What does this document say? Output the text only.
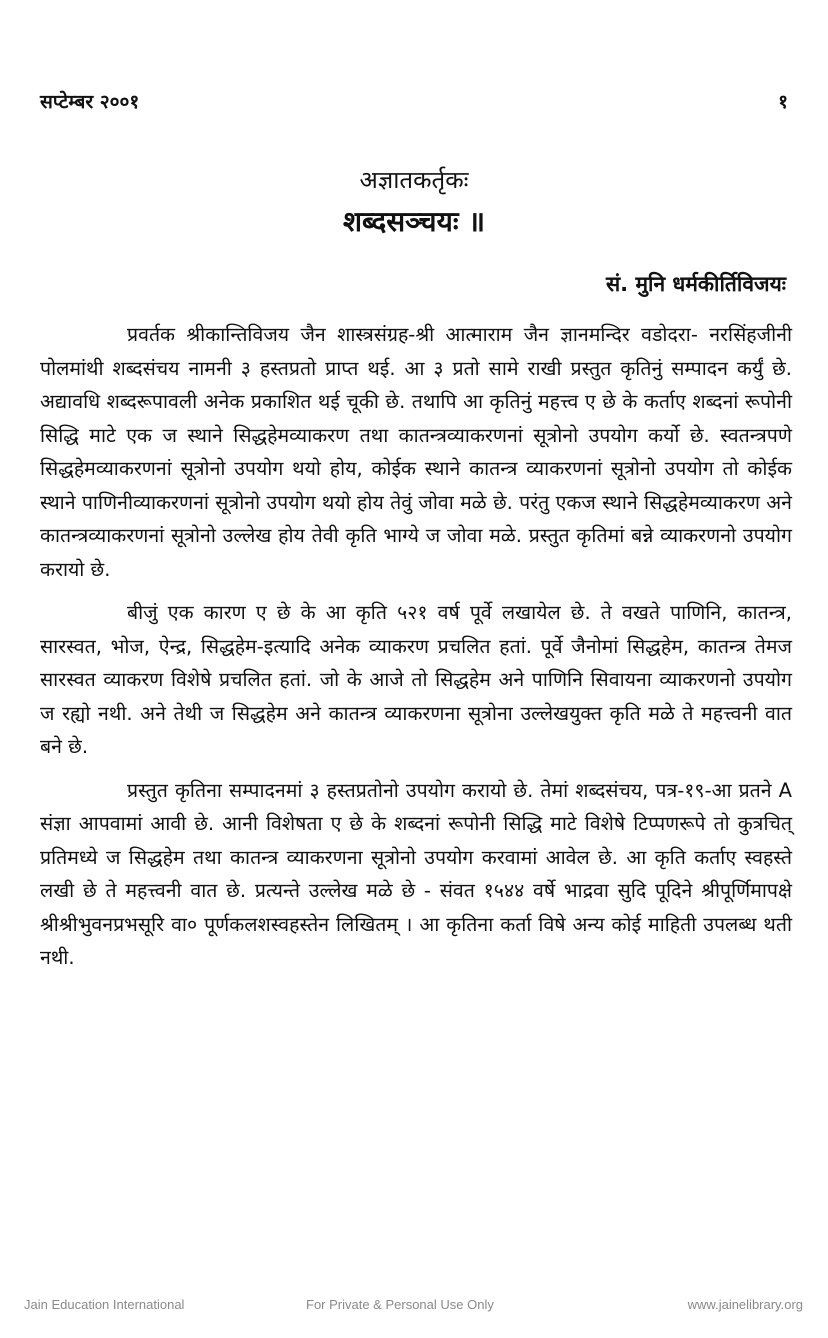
सप्टेम्बर २००१	१
अज्ञातकर्तृकः
शब्दसञ्चयः ॥
सं. मुनि धर्मकीर्तिविजयः

प्रवर्तक श्रीकान्तिविजय जैन शास्त्रसंग्रह-श्री आत्माराम जैन ज्ञानमन्दिर वडोदरा- नरसिंहजीनी पोलमांथी शब्दसंचय नामनी ३ हस्तप्रतो प्राप्त थई. आ ३ प्रतो सामे राखी प्रस्तुत कृतिनुं सम्पादन कर्युं छे. अद्यावधि शब्दरूपावली अनेक प्रकाशित थई चूकी छे. तथापि आ कृतिनुं महत्त्व ए छे के कर्ताए शब्दनां रूपोनी सिद्धि माटे एक ज स्थाने सिद्धहेमव्याकरण तथा कातन्त्रव्याकरणनां सूत्रोनो उपयोग कर्यो छे. स्वतन्त्रपणे सिद्धहेमव्याकरणनां सूत्रोनो उपयोग थयो होय, कोईक स्थाने कातन्त्र व्याकरणनां सूत्रोनो उपयोग तो कोईक स्थाने पाणिनीव्याकरणनां सूत्रोनो उपयोग थयो होय तेवुं जोवा मळे छे. परंतु एकज स्थाने सिद्धहेमव्याकरण अने कातन्त्रव्याकरणनां सूत्रोनो उल्लेख होय तेवी कृति भाग्ये ज जोवा मळे. प्रस्तुत कृतिमां बन्ने व्याकरणनो उपयोग करायो छे.

बीजुं एक कारण ए छे के आ कृति ५२१ वर्ष पूर्वे लखायेल छे. ते वखते पाणिनि, कातन्त्र, सारस्वत, भोज, ऐन्द्र, सिद्धहेम-इत्यादि अनेक व्याकरण प्रचलित हतां. पूर्वे जैनोमां सिद्धहेम, कातन्त्र तेमज सारस्वत व्याकरण विशेषे प्रचलित हतां. जो के आजे तो सिद्धहेम अने पाणिनि सिवायना व्याकरणनो उपयोग ज रह्यो नथी. अने तेथी ज सिद्धहेम अने कातन्त्र व्याकरणना सूत्रोना उल्लेखयुक्त कृति मळे ते महत्त्वनी वात बने छे.

प्रस्तुत कृतिना सम्पादनमां ३ हस्तप्रतोनो उपयोग करायो छे. तेमां शब्दसंचय, पत्र-१९-आ प्रतने A संज्ञा आपवामां आवी छे. आनी विशेषता ए छे के शब्दनां रूपोनी सिद्धि माटे विशेषे टिप्पणरूपे तो कुत्रचित् प्रतिमध्ये ज सिद्धहेम तथा कातन्त्र व्याकरणना सूत्रोनो उपयोग करवामां आवेल छे. आ कृति कर्ताए स्वहस्ते लखी छे ते महत्त्वनी वात छे. प्रत्यन्ते उल्लेख मळे छे - संवत १५४४ वर्षे भाद्रवा सुदि पूदिने श्रीपूर्णिमापक्षे श्रीश्रीभुवनप्रभसूरि वा० पूर्णकलशस्वहस्तेन लिखितम् । आ कृतिना कर्ता विषे अन्य कोई माहिती उपलब्ध थती नथी.

Jain Education International	For Private & Personal Use Only	www.jainelibrary.org
